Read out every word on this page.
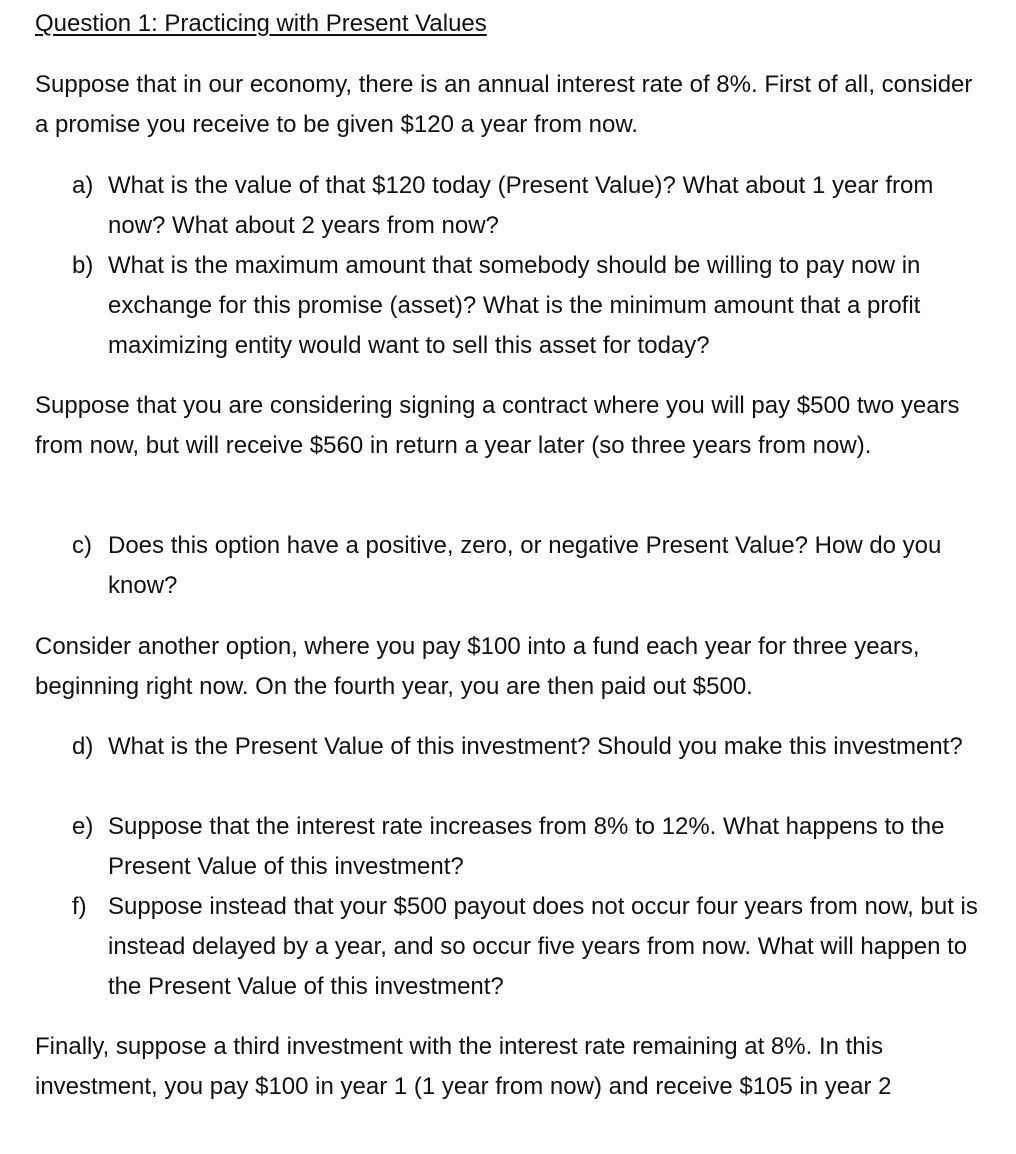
Question 1: Practicing with Present Values
Suppose that in our economy, there is an annual interest rate of 8%. First of all, consider a promise you receive to be given $120 a year from now.
a) What is the value of that $120 today (Present Value)? What about 1 year from now? What about 2 years from now?
b) What is the maximum amount that somebody should be willing to pay now in exchange for this promise (asset)? What is the minimum amount that a profit maximizing entity would want to sell this asset for today?
Suppose that you are considering signing a contract where you will pay $500 two years from now, but will receive $560 in return a year later (so three years from now).
c) Does this option have a positive, zero, or negative Present Value? How do you know?
Consider another option, where you pay $100 into a fund each year for three years, beginning right now. On the fourth year, you are then paid out $500.
d) What is the Present Value of this investment? Should you make this investment?
e) Suppose that the interest rate increases from 8% to 12%. What happens to the Present Value of this investment?
f) Suppose instead that your $500 payout does not occur four years from now, but is instead delayed by a year, and so occur five years from now. What will happen to the Present Value of this investment?
Finally, suppose a third investment with the interest rate remaining at 8%. In this investment, you pay $100 in year 1 (1 year from now) and receive $105 in year 2
